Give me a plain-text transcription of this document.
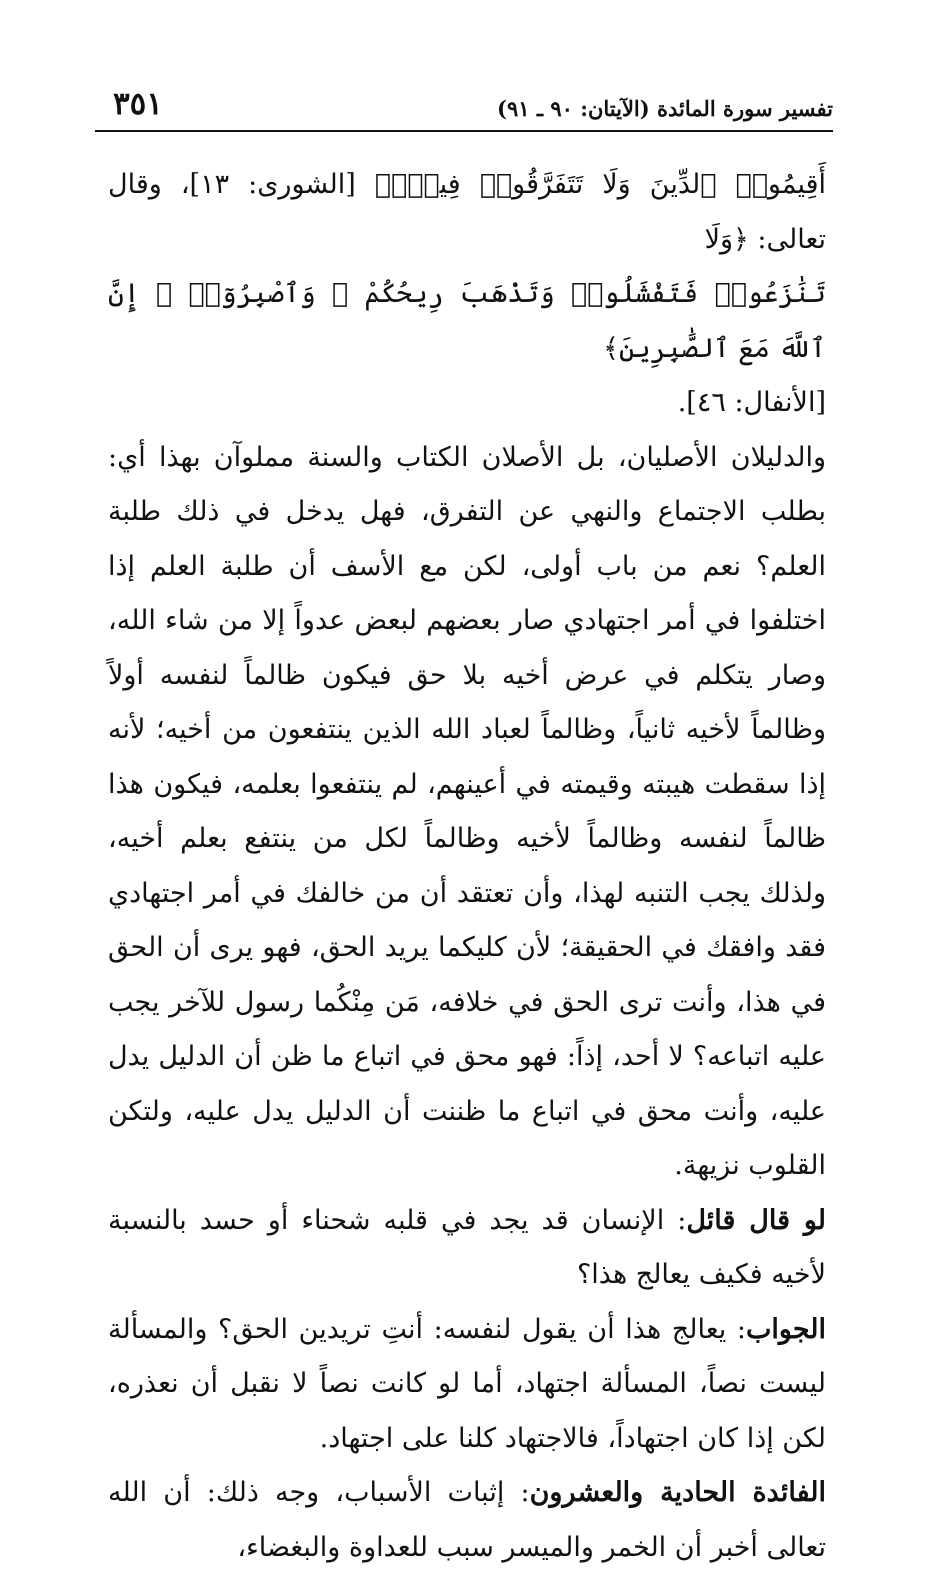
تفسير سورة المائدة (الآيتان: ٩٠ ـ ٩١)
٣٥١

أَقِيمُوا۟ ٱلدِّينَ وَلَا تَتَفَرَّقُوا۟ فِيهِۚ﴾ [الشورى: ١٣]، وقال تعالى: ﴿وَلَا
تَنَٰزَعُوا۟ فَتَفْشَلُوا۟ وَتَذْهَبَ رِيحُكُمْ ۖ وَٱصْبِرُوٓا۟ ۚ إِنَّ ٱللَّهَ مَعَ ٱلصَّٰبِرِينَ﴾
[الأنفال: ٤٦].

والدليلان الأصليان، بل الأصلان الكتاب والسنة مملوآن بهذا أي: بطلب الاجتماع والنهي عن التفرق، فهل يدخل في ذلك طلبة العلم؟ نعم من باب أولى، لكن مع الأسف أن طلبة العلم إذا اختلفوا في أمر اجتهادي صار بعضهم لبعض عدواً إلا من شاء الله، وصار يتكلم في عرض أخيه بلا حق فيكون ظالماً لنفسه أولاً وظالماً لأخيه ثانياً، وظالماً لعباد الله الذين ينتفعون من أخيه؛ لأنه إذا سقطت هيبته وقيمته في أعينهم، لم ينتفعوا بعلمه، فيكون هذا ظالماً لنفسه وظالماً لأخيه وظالماً لكل من ينتفع بعلم أخيه، ولذلك يجب التنبه لهذا، وأن تعتقد أن من خالفك في أمر اجتهادي فقد وافقك في الحقيقة؛ لأن كليكما يريد الحق، فهو يرى أن الحق في هذا، وأنت ترى الحق في خلافه، مَن مِنْكُما رسول للآخر يجب عليه اتباعه؟ لا أحد، إذاً: فهو محق في اتباع ما ظن أن الدليل يدل عليه، وأنت محق في اتباع ما ظننت أن الدليل يدل عليه، ولتكن القلوب نزيهة.

لو قال قائل: الإنسان قد يجد في قلبه شحناء أو حسد بالنسبة لأخيه فكيف يعالج هذا؟

الجواب: يعالج هذا أن يقول لنفسه: أنتِ تريدين الحق؟ والمسألة ليست نصاً، المسألة اجتهاد، أما لو كانت نصاً لا نقبل أن نعذره، لكن إذا كان اجتهاداً، فالاجتهاد كلنا على اجتهاد.

الفائدة الحادية والعشرون: إثبات الأسباب، وجه ذلك: أن الله تعالى أخبر أن الخمر والميسر سبب للعداوة والبغضاء،
